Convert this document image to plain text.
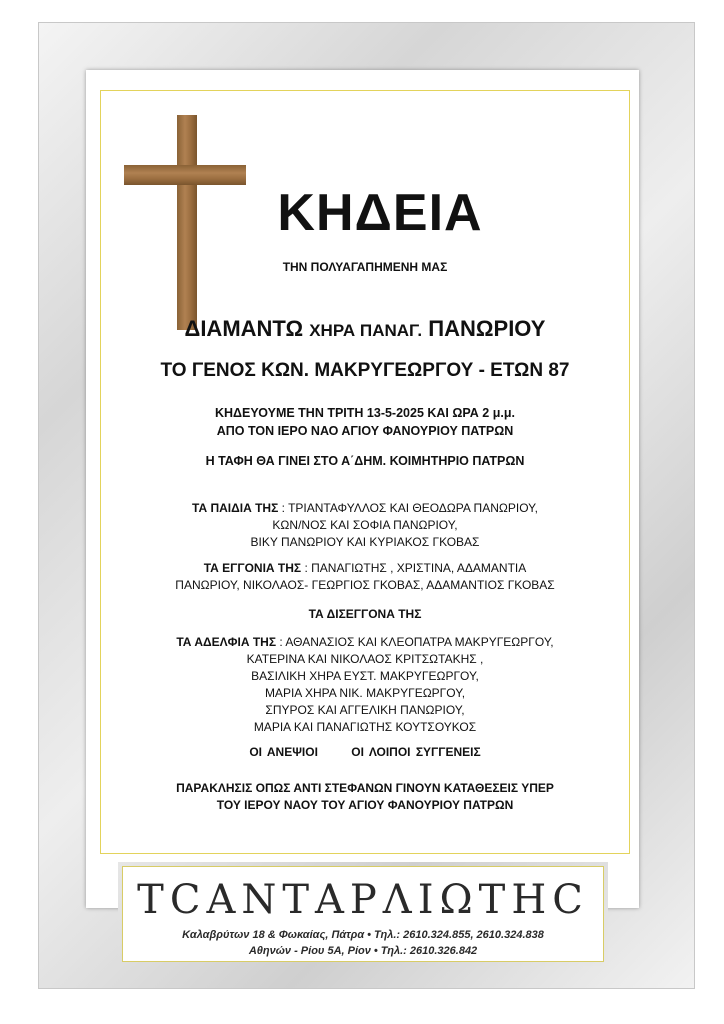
ΚΗΔΕΙΑ
ΤΗΝ ΠΟΛΥΑΓΑΠΗΜΕΝΗ ΜΑΣ
ΔΙΑΜΑΝΤΩ ΧΗΡΑ ΠΑΝΑΓ. ΠΑΝΩΡΙΟΥ
ΤΟ ΓΕΝΟΣ ΚΩΝ. ΜΑΚΡΥΓΕΩΡΓΟΥ - ΕΤΩΝ 87
ΚΗΔΕΥΟΥΜΕ ΤΗΝ ΤΡΙΤΗ 13-5-2025 ΚΑΙ ΩΡΑ 2 μ.μ.
ΑΠΟ ΤΟΝ ΙΕΡΟ ΝΑΟ ΑΓΙΟΥ ΦΑΝΟΥΡΙΟΥ ΠΑΤΡΩΝ
Η ΤΑΦΗ ΘΑ ΓΙΝΕΙ ΣΤΟ Α΄ΔΗΜ. ΚΟΙΜΗΤΗΡΙΟ ΠΑΤΡΩΝ
ΤΑ ΠΑΙΔΙΑ ΤΗΣ : ΤΡΙΑΝΤΑΦΥΛΛΟΣ ΚΑΙ ΘΕΟΔΩΡΑ ΠΑΝΩΡΙΟΥ,
ΚΩΝ/ΝΟΣ ΚΑΙ ΣΟΦΙΑ ΠΑΝΩΡΙΟΥ,
ΒΙΚΥ ΠΑΝΩΡΙΟΥ ΚΑΙ ΚΥΡΙΑΚΟΣ ΓΚΟΒΑΣ
ΤΑ ΕΓΓΟΝΙΑ ΤΗΣ : ΠΑΝΑΓΙΩΤΗΣ , ΧΡΙΣΤΙΝΑ, ΑΔΑΜΑΝΤΙΑ
ΠΑΝΩΡΙΟΥ, ΝΙΚΟΛΑΟΣ- ΓΕΩΡΓΙΟΣ ΓΚΟΒΑΣ, ΑΔΑΜΑΝΤΙΟΣ ΓΚΟΒΑΣ
ΤΑ ΔΙΣΕΓΓΟΝΑ ΤΗΣ
ΤΑ ΑΔΕΛΦΙΑ ΤΗΣ : ΑΘΑΝΑΣΙΟΣ ΚΑΙ ΚΛΕΟΠΑΤΡΑ ΜΑΚΡΥΓΕΩΡΓΟΥ,
ΚΑΤΕΡΙΝΑ ΚΑΙ ΝΙΚΟΛΑΟΣ ΚΡΙΤΣΩΤΑΚΗΣ ,
ΒΑΣΙΛΙΚΗ ΧΗΡΑ ΕΥΣΤ. ΜΑΚΡΥΓΕΩΡΓΟΥ,
ΜΑΡΙΑ ΧΗΡΑ ΝΙΚ. ΜΑΚΡΥΓΕΩΡΓΟΥ,
ΣΠΥΡΟΣ ΚΑΙ ΑΓΓΕΛΙΚΗ ΠΑΝΩΡΙΟΥ,
ΜΑΡΙΑ ΚΑΙ ΠΑΝΑΓΙΩΤΗΣ ΚΟΥΤΣΟΥΚΟΣ
ΟΙ ΑΝΕΨΙΟΙ	ΟΙ ΛΟΙΠΟΙ ΣΥΓΓΕΝΕΙΣ
ΠΑΡΑΚΛΗΣΙΣ ΟΠΩΣ ΑΝΤΙ ΣΤΕΦΑΝΩΝ ΓΙΝΟΥΝ ΚΑΤΑΘΕΣΕΙΣ ΥΠΕΡ
ΤΟΥ ΙΕΡΟΥ ΝΑΟΥ ΤΟΥ ΑΓΙΟΥ ΦΑΝΟΥΡΙΟΥ ΠΑΤΡΩΝ
ΤCΑΝΤΑΡΛΙΩΤΗC
Καλαβρύτων 18 & Φωκαίας, Πάτρα • Τηλ.: 2610.324.855, 2610.324.838
Αθηνών - Ρίου 5Α, Ρίον • Τηλ.: 2610.326.842
